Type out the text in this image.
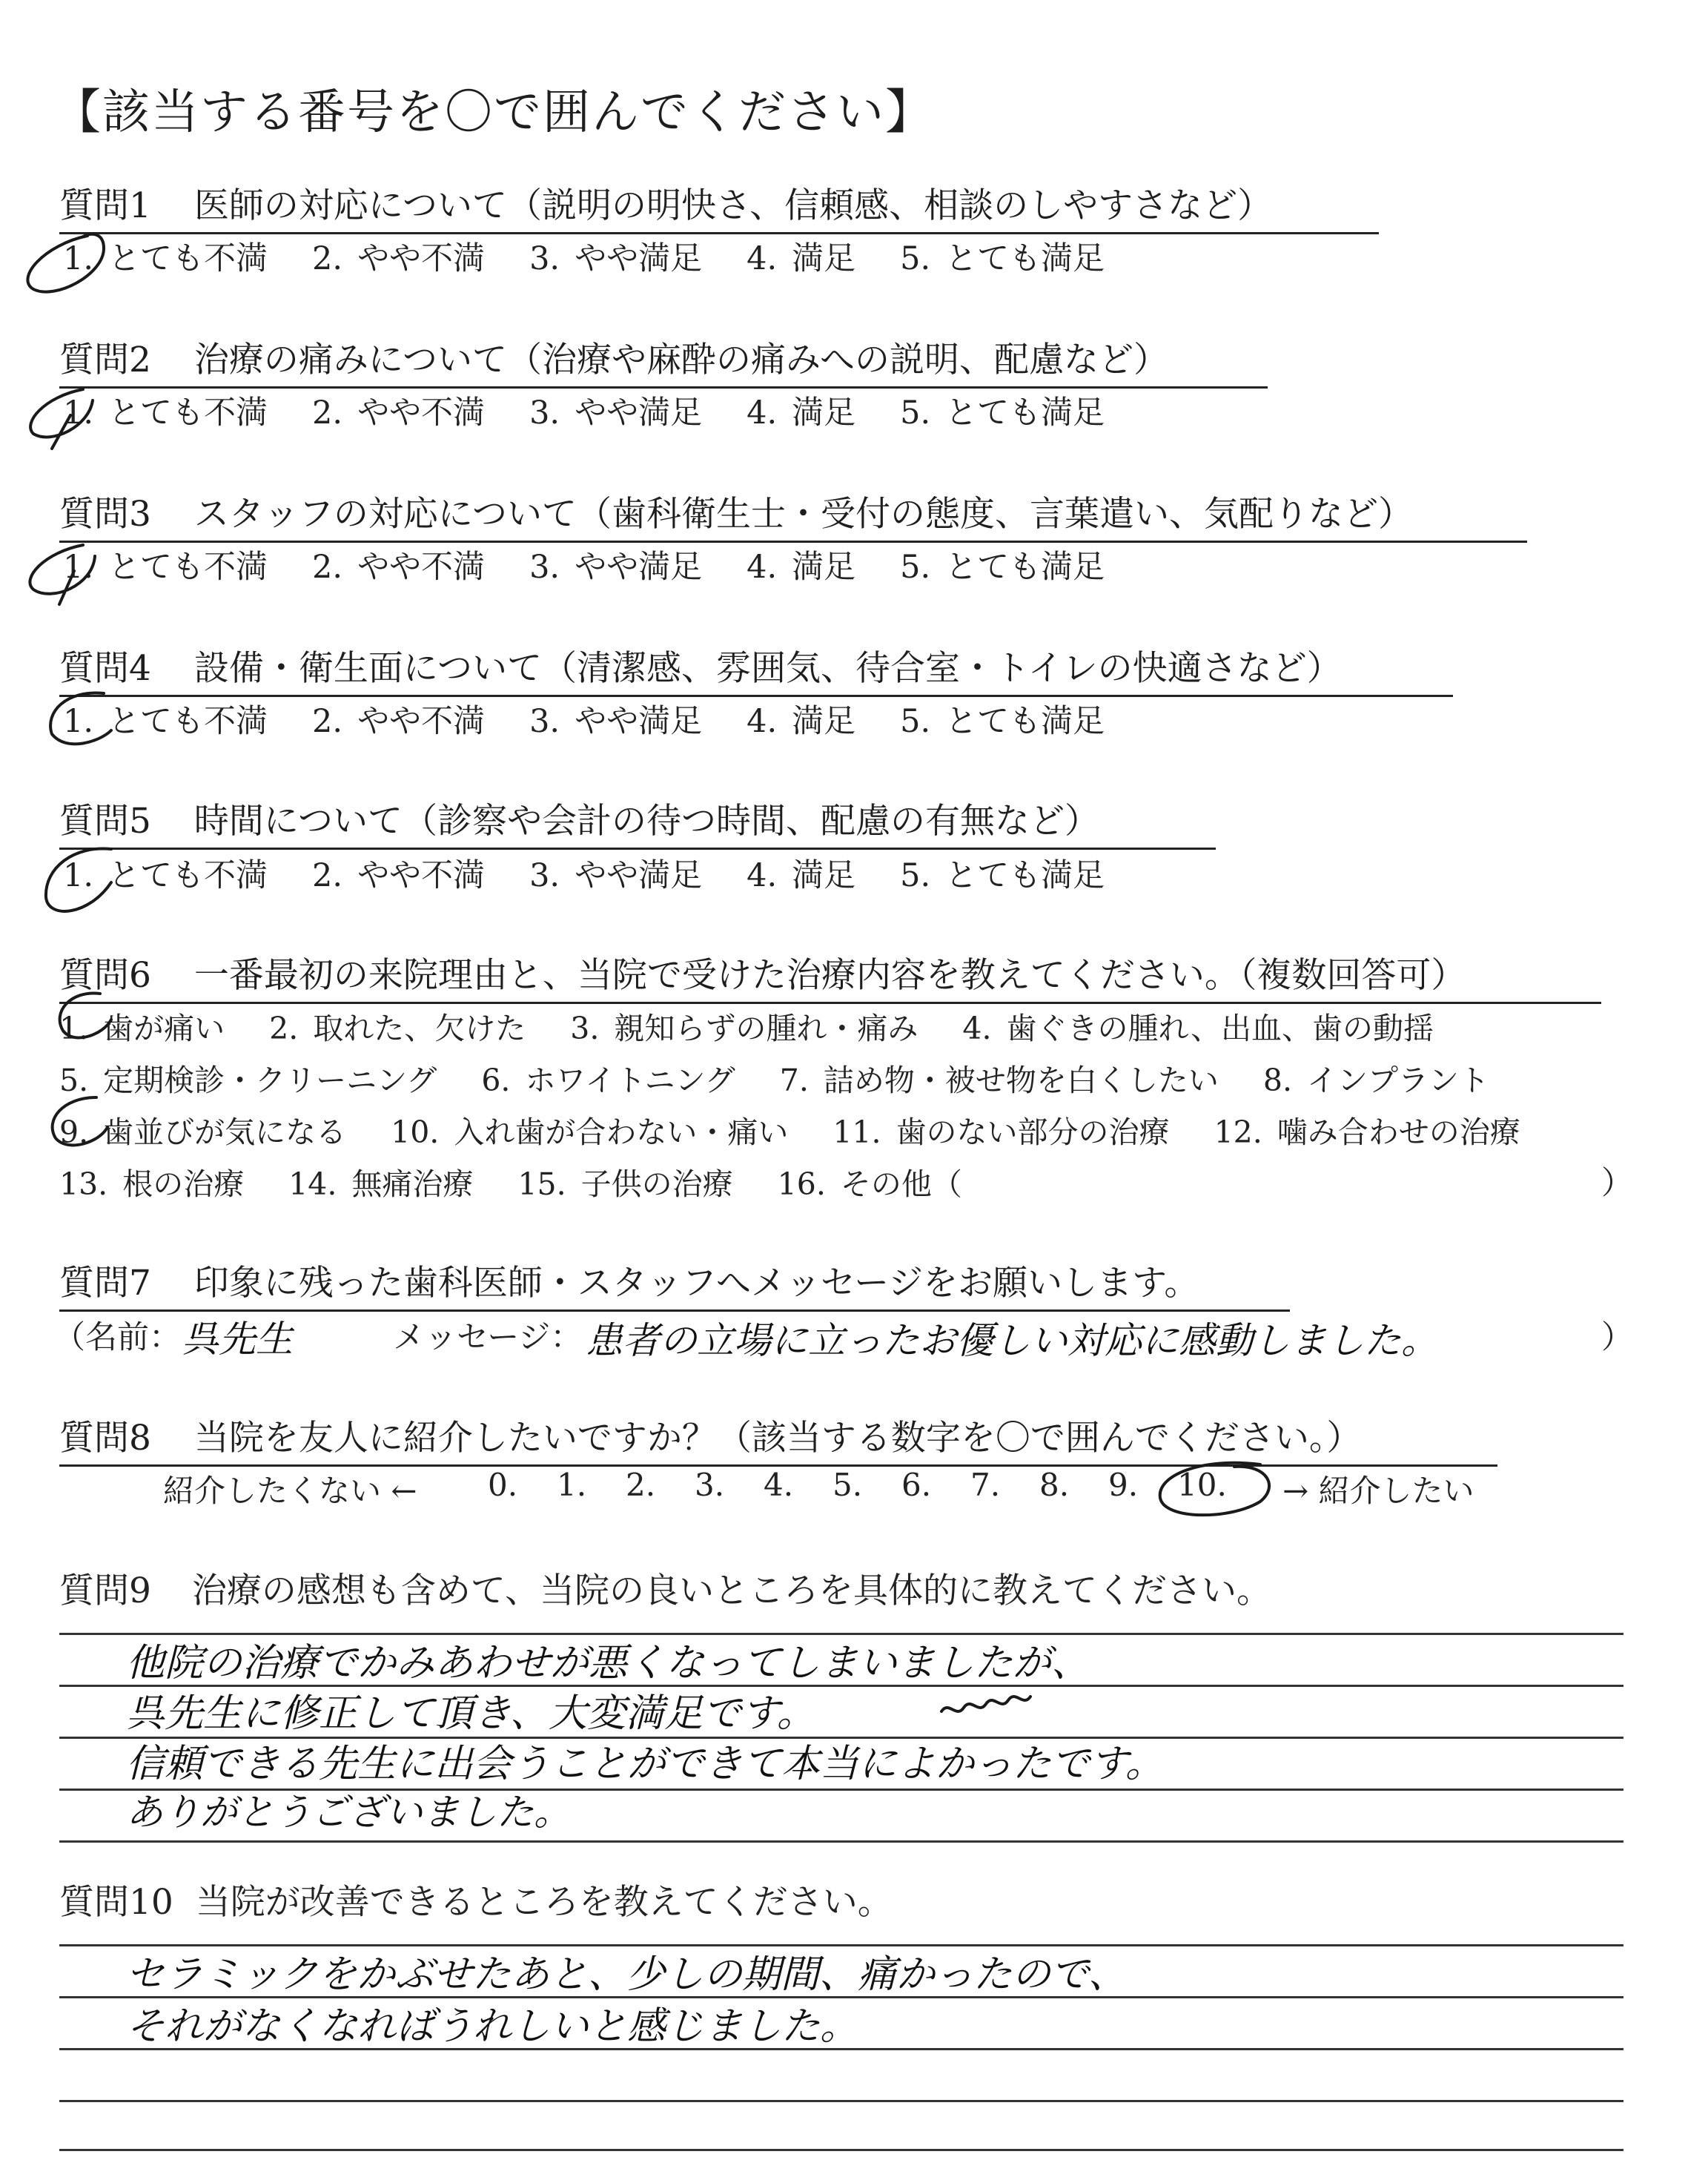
【該当する番号を〇で囲んでください】
質問1 医師の対応について（説明の明快さ、信頼感、相談のしやすさなど）
1. とても不満 2. やや不満 3. やや満足 4. 満足 5. とても満足
質問2 治療の痛みについて（治療や麻酔の痛みへの説明、配慮など）
1. とても不満 2. やや不満 3. やや満足 4. 満足 5. とても満足
質問3 スタッフの対応について（歯科衛生士・受付の態度、言葉遣い、気配りなど）
1. とても不満 2. やや不満 3. やや満足 4. 満足 5. とても満足
質問4 設備・衛生面について（清潔感、雰囲気、待合室・トイレの快適さなど）
1. とても不満 2. やや不満 3. やや満足 4. 満足 5. とても満足
質問5 時間について（診察や会計の待つ時間、配慮の有無など）
1. とても不満 2. やや不満 3. やや満足 4. 満足 5. とても満足
質問6 一番最初の来院理由と、当院で受けた治療内容を教えてください。（複数回答可）
1. 歯が痛い 2. 取れた、欠けた 3. 親知らずの腫れ・痛み 4. 歯ぐきの腫れ、出血、歯の動揺
5. 定期検診・クリーニング 6. ホワイトニング 7. 詰め物・被せ物を白くしたい 8. インプラント
9. 歯並びが気になる 10. 入れ歯が合わない・痛い 11. 歯のない部分の治療 12. 噛み合わせの治療
13. 根の治療 14. 無痛治療 15. 子供の治療 16. その他（	）
質問7 印象に残った歯科医師・スタッフへメッセージをお願いします。
（名前： 呉先生	メッセージ： 患者の立場に立ったお優しい対応に感動しました。	）
質問8 当院を友人に紹介したいですか？（該当する数字を〇で囲んでください。）
紹介したくない ← 0. 1. 2. 3. 4. 5. 6. 7. 8. 9. 10. → 紹介したい
質問9 治療の感想も含めて、当院の良いところを具体的に教えてください。
他院の治療でかみあわせが悪くなってしまいましたが、
呉先生に修正して頂き、大変満足です。
信頼できる先生に出会うことができて本当によかったです。
ありがとうございました。
質問10 当院が改善できるところを教えてください。
セラミックをかぶせたあと、少しの期間、痛かったので、
それがなくなればうれしいと感じました。
